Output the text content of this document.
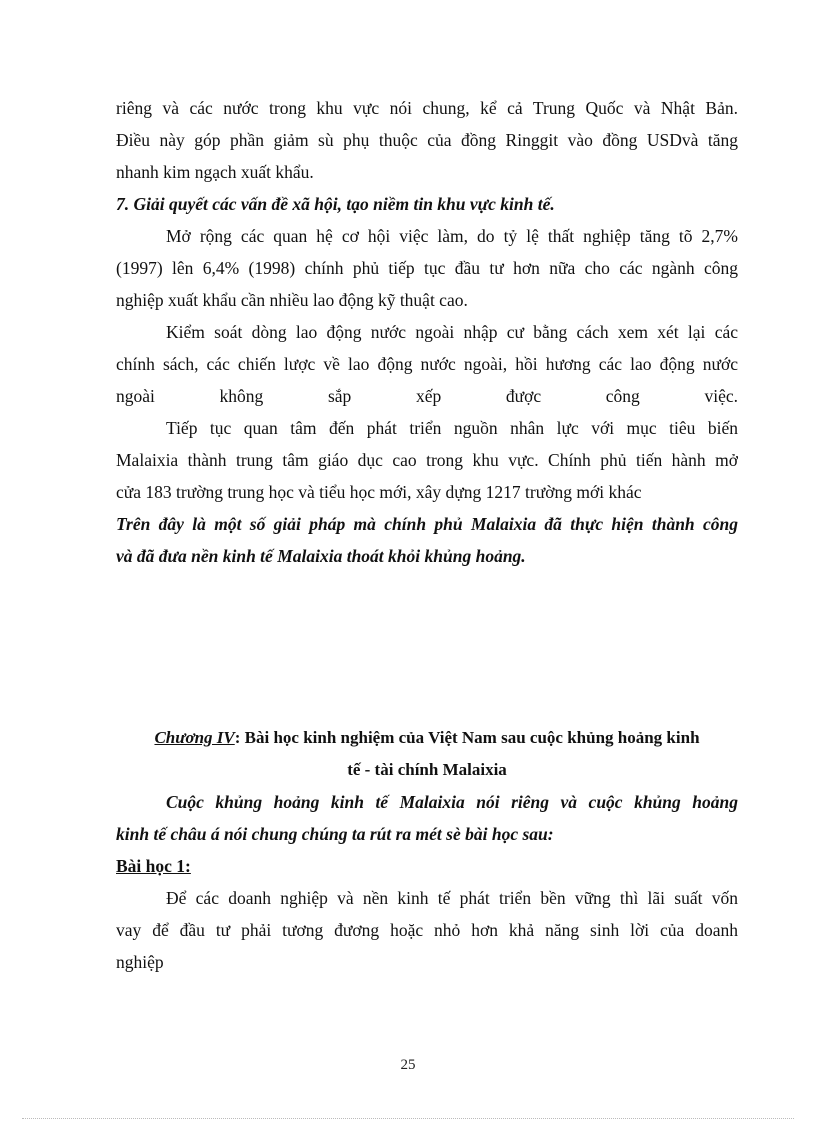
riêng và các nước trong khu vực nói chung, kể cả Trung Quốc và Nhật Bản.
Điều này góp phần giảm sù phụ thuộc của đồng Ringgit vào đồng USDvà tăng
nhanh kim ngạch xuất khẩu.
7. Giải quyết các vấn đề xã hội, tạo niềm tin khu vực kinh tế.
Mở rộng các quan hệ cơ hội việc làm, do tỷ lệ thất nghiệp tăng tõ 2,7%
(1997) lên 6,4% (1998) chính phủ tiếp tục đầu tư hơn nữa cho các ngành công
nghiệp xuất khẩu cần nhiều lao động kỹ thuật cao.
Kiểm soát dòng lao động nước ngoài nhập cư bằng cách xem xét lại các
chính sách, các chiến lược về lao động nước ngoài, hồi hương các lao động nước
ngoài không sắp xếp được công việc.
Tiếp tục quan tâm đến phát triển nguồn nhân lực với mục tiêu biến
Malaixia thành trung tâm giáo dục cao trong khu vực. Chính phủ tiến hành mở
cửa 183 trường trung học và tiểu học mới, xây dựng 1217 trường mới khác
Trên đây là một số giải pháp mà chính phủ Malaixia đã thực hiện thành công
và đã đưa nền kinh tế Malaixia thoát khỏi khủng hoảng.
Chương IV: Bài học kinh nghiệm của Việt Nam sau cuộc khủng hoảng kinh
tế - tài chính Malaixia
Cuộc khủng hoảng kinh tế Malaixia nói riêng và cuộc khủng hoảng
kinh tế châu á nói chung chúng ta rút ra mét sè bài học sau:
Bài học 1:
Để các doanh nghiệp và nền kinh tế phát triển bền vững thì lãi suất vốn
vay để đầu tư phải tương đương hoặc nhỏ hơn khả năng sinh lời của doanh
nghiệp
25
